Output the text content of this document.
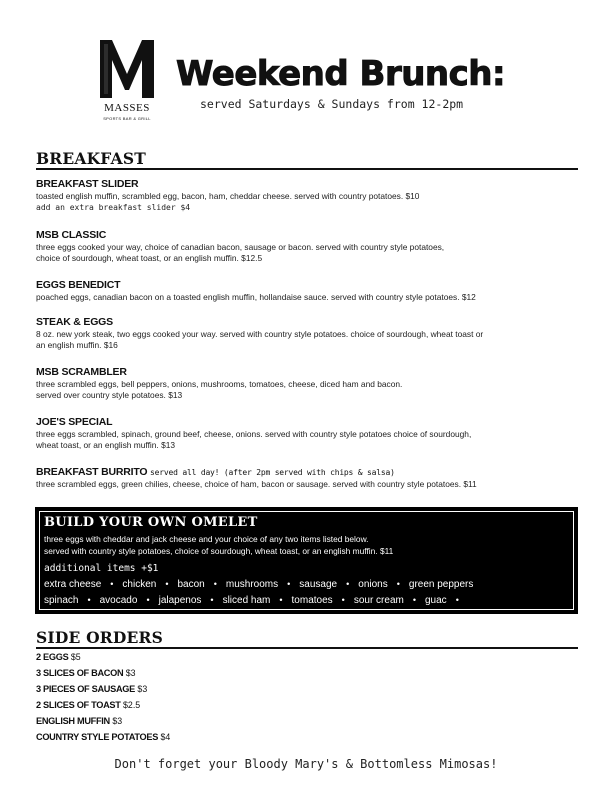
MASSES
SPORTS BAR & GRILL
Weekend Brunch:
served Saturdays & Sundays from 12-2pm
BREAKFAST
BREAKFAST SLIDER
toasted english muffin, scrambled egg, bacon, ham, cheddar cheese. served with country potatoes. $10
add an extra breakfast slider $4
MSB CLASSIC
three eggs cooked your way, choice of canadian bacon, sausage or bacon. served with country style potatoes,
choice of sourdough, wheat toast, or an english muffin. $12.5
EGGS BENEDICT
poached eggs, canadian bacon on a toasted english muffin, hollandaise sauce. served with country style potatoes. $12
STEAK & EGGS
8 oz. new york steak, two eggs cooked your way. served with country style potatoes. choice of sourdough, wheat toast or
an english muffin. $16
MSB SCRAMBLER
three scrambled eggs, bell peppers, onions, mushrooms, tomatoes, cheese, diced ham and bacon.
served over country style potatoes. $13
JOE'S SPECIAL
three eggs scrambled, spinach, ground beef, cheese, onions. served with country style potatoes choice of sourdough,
wheat toast, or an english muffin. $13
BREAKFAST BURRITO served all day! (after 2pm served with chips & salsa)
three scrambled eggs, green chilies, cheese, choice of ham, bacon or sausage. served with country style potatoes. $11
BUILD YOUR OWN OMELET
three eggs with cheddar and jack cheese and your choice of any two items listed below.
served with country style potatoes, choice of sourdough, wheat toast, or an english muffin. $11
additional items +$1
extra cheese • chicken • bacon • mushrooms • sausage • onions • green peppers
spinach • avocado • jalapenos • sliced ham • tomatoes • sour cream • guac •
SIDE ORDERS
2 EGGS $5
3 SLICES OF BACON $3
3 PIECES OF SAUSAGE $3
2 SLICES OF TOAST $2.5
ENGLISH MUFFIN $3
COUNTRY STYLE POTATOES $4
Don't forget your Bloody Mary's & Bottomless Mimosas!
